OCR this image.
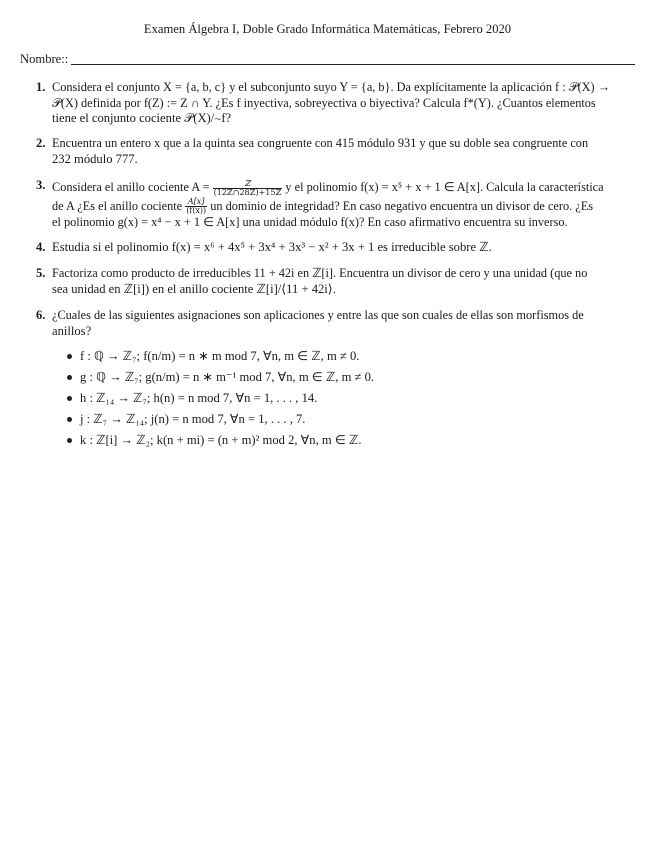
Examen Álgebra I, Doble Grado Informática Matemáticas, Febrero 2020
Nombre::
1. Considera el conjunto X = {a, b, c} y el subconjunto suyo Y = {a, b}. Da explícitamente la aplicación f : 𝒫(X) →
𝒫(X) definida por f(Z) := Z ∩ Y. ¿Es f inyectiva, sobreyectiva o biyectiva? Calcula f*(Y). ¿Cuantos elementos
tiene el conjunto cociente 𝒫(X)/∼f?
2. Encuentra un entero x que a la quinta sea congruente con 415 módulo 931 y que su doble sea congruente con
232 módulo 777.
3. Considera el anillo cociente $A = \frac{\text{ℤ}}{\text{(12ℤ∩28ℤ)+15ℤ}}$ y el polinomio f(x) = x⁵ + x + 1 ∈ A[x]. Calcula la característica
de A ¿Es el anillo cociente $\frac{A[x]}{(f(x))}$ un dominio de integridad? En caso negativo encuentra un divisor de cero. ¿Es
el polinomio g(x) = x⁴ − x + 1 ∈ A[x] una unidad módulo f(x)? En caso afirmativo encuentra su inverso.
4. Estudia si el polinomio f(x) = x⁶ + 4x⁵ + 3x⁴ + 3x³ − x² + 3x + 1 es irreducible sobre ℤ.
5. Factoriza como producto de irreducibles 11 + 42i en ℤ[i]. Encuentra un divisor de cero y una unidad (que no
sea unidad en ℤ[i]) en el anillo cociente ℤ[i]/⟨11 + 42i⟩.
6. ¿Cuales de las siguientes asignaciones son aplicaciones y entre las que son cuales de ellas son morfismos de
anillos?
f : ℚ → ℤ₇; f(n/m) = n ∗ m mod 7, ∀n, m ∈ ℤ, m ≠ 0.
g : ℚ → ℤ₇; g(n/m) = n ∗ m⁻¹ mod 7, ∀n, m ∈ ℤ, m ≠ 0.
h : ℤ₁₄ → ℤ₇; h(n) = n mod 7, ∀n = 1, . . . , 14.
j : ℤ₇ → ℤ₁₄; j(n) = n mod 7, ∀n = 1, . . . , 7.
k : ℤ[i] → ℤ₂; k(n + mi) = (n + m)² mod 2, ∀n, m ∈ ℤ.
